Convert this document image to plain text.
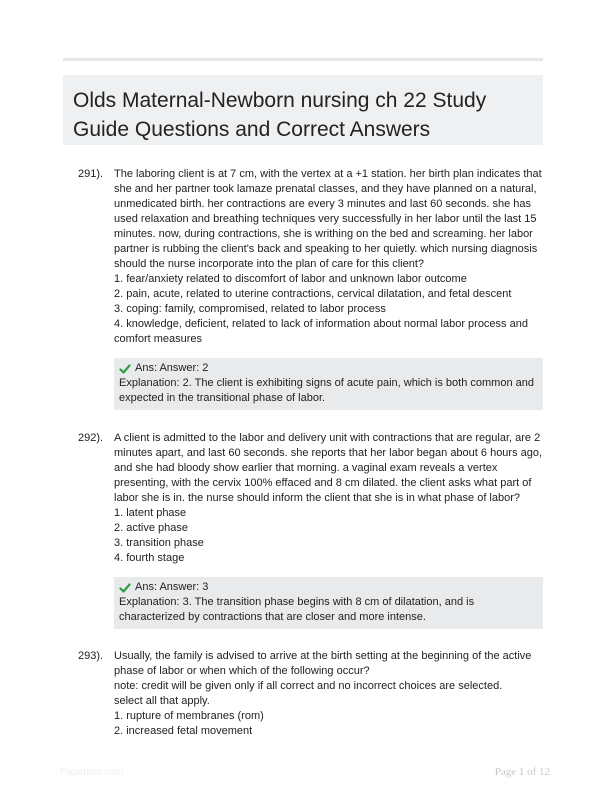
Olds Maternal-Newborn nursing ch 22 Study Guide Questions and Correct Answers
291). The laboring client is at 7 cm, with the vertex at a +1 station. her birth plan indicates that she and her partner took lamaze prenatal classes, and they have planned on a natural, unmedicated birth. her contractions are every 3 minutes and last 60 seconds. she has used relaxation and breathing techniques very successfully in her labor until the last 15 minutes. now, during contractions, she is writhing on the bed and screaming. her labor partner is rubbing the client's back and speaking to her quietly. which nursing diagnosis should the nurse incorporate into the plan of care for this client?
1. fear/anxiety related to discomfort of labor and unknown labor outcome
2. pain, acute, related to uterine contractions, cervical dilatation, and fetal descent
3. coping: family, compromised, related to labor process
4. knowledge, deficient, related to lack of information about normal labor process and comfort measures
Ans: Answer: 2
Explanation: 2. The client is exhibiting signs of acute pain, which is both common and expected in the transitional phase of labor.
292). A client is admitted to the labor and delivery unit with contractions that are regular, are 2 minutes apart, and last 60 seconds. she reports that her labor began about 6 hours ago, and she had bloody show earlier that morning. a vaginal exam reveals a vertex presenting, with the cervix 100% effaced and 8 cm dilated. the client asks what part of labor she is in. the nurse should inform the client that she is in what phase of labor?
1. latent phase
2. active phase
3. transition phase
4. fourth stage
Ans: Answer: 3
Explanation: 3. The transition phase begins with 8 cm of dilatation, and is characterized by contractions that are closer and more intense.
293). Usually, the family is advised to arrive at the birth setting at the beginning of the active phase of labor or when which of the following occur?
note: credit will be given only if all correct and no incorrect choices are selected.
select all that apply.
1. rupture of membranes (rom)
2. increased fetal movement
Paperlibs.com	Page 1 of 12
